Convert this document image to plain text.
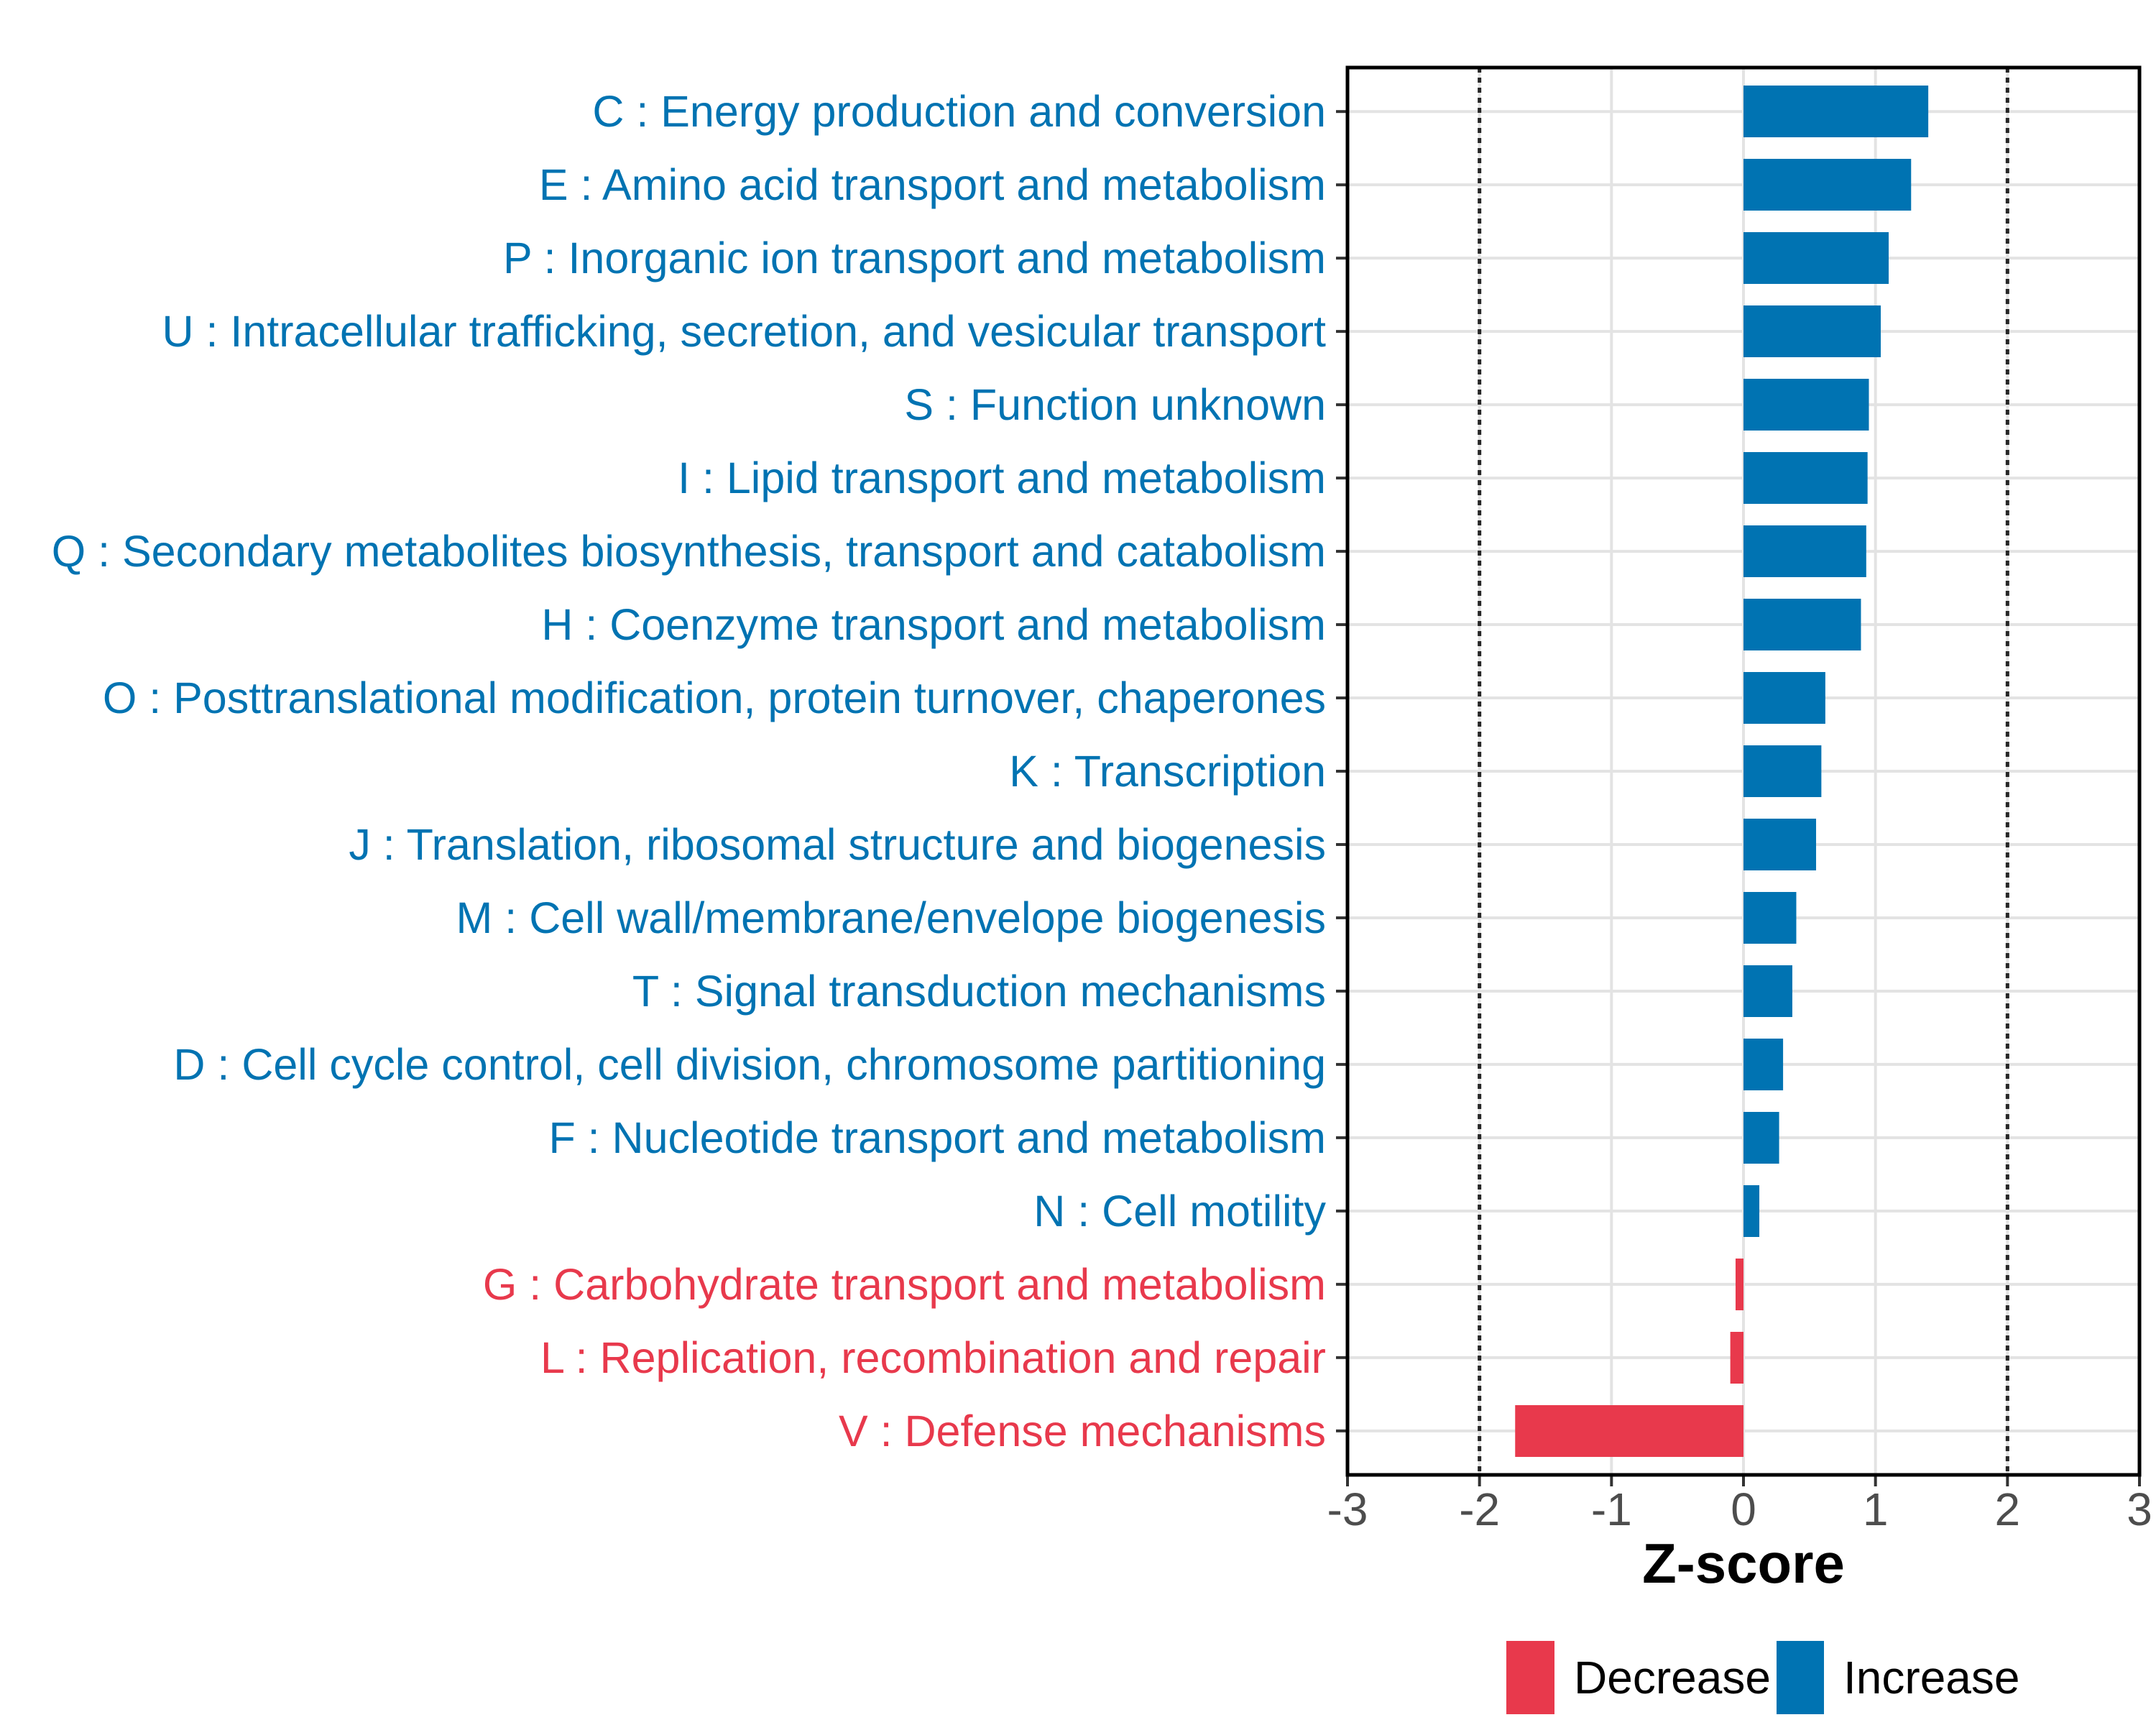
C : Energy production and conversion
E : Amino acid transport and metabolism
P : Inorganic ion transport and metabolism
U : Intracellular trafficking, secretion, and vesicular transport
S : Function unknown
I : Lipid transport and metabolism
Q : Secondary metabolites biosynthesis, transport and catabolism
H : Coenzyme transport and metabolism
O : Posttranslational modification, protein turnover, chaperones
K : Transcription
J : Translation, ribosomal structure and biogenesis
M : Cell wall/membrane/envelope biogenesis
T : Signal transduction mechanisms
D : Cell cycle control, cell division, chromosome partitioning
F : Nucleotide transport and metabolism
N : Cell motility
G : Carbohydrate transport and metabolism
L : Replication, recombination and repair
V : Defense mechanisms
-3 -2 -1 0 1 2 3
Z-score
Decrease Increase
